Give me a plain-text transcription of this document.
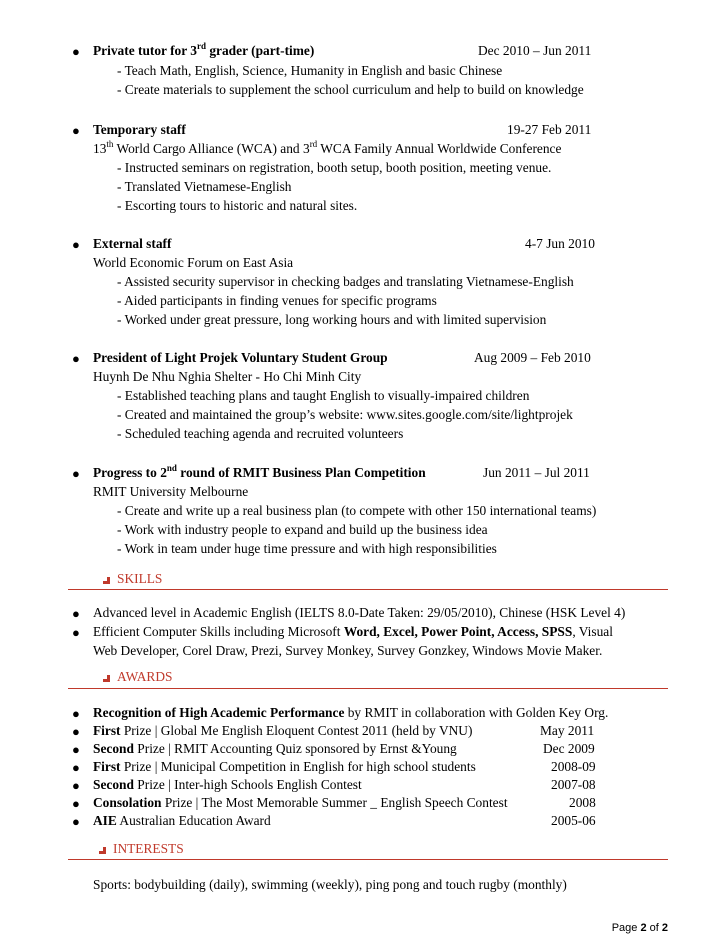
● Private tutor for 3rd grader (part-time)	Dec 2010 – Jun 2011
- Teach Math, English, Science, Humanity in English and basic Chinese
- Create materials to supplement the school curriculum and help to build on knowledge
● Temporary staff	19-27 Feb 2011
13th World Cargo Alliance (WCA) and 3rd WCA Family Annual Worldwide Conference
- Instructed seminars on registration, booth setup, booth position, meeting venue.
- Translated Vietnamese-English
- Escorting tours to historic and natural sites.
● External staff	4-7 Jun 2010
World Economic Forum on East Asia
- Assisted security supervisor in checking badges and translating Vietnamese-English
- Aided participants in finding venues for specific programs
- Worked under great pressure, long working hours and with limited supervision
● President of Light Projek Voluntary Student Group	Aug 2009 – Feb 2010
Huynh De Nhu Nghia Shelter - Ho Chi Minh City
- Established teaching plans and taught English to visually-impaired children
- Created and maintained the group’s website: www.sites.google.com/site/lightprojek
- Scheduled teaching agenda and recruited volunteers
● Progress to 2nd round of RMIT Business Plan Competition	Jun 2011 – Jul 2011
RMIT University Melbourne
- Create and write up a real business plan (to compete with other 150 international teams)
- Work with industry people to expand and build up the business idea
- Work in team under huge time pressure and with high responsibilities
SKILLS
● Advanced level in Academic English (IELTS 8.0-Date Taken: 29/05/2010), Chinese (HSK Level 4)
● Efficient Computer Skills including Microsoft Word, Excel, Power Point, Access, SPSS, Visual
Web Developer, Corel Draw, Prezi, Survey Monkey, Survey Gonzkey, Windows Movie Maker.
AWARDS
● Recognition of High Academic Performance by RMIT in collaboration with Golden Key Org.
● First Prize | Global Me English Eloquent Contest 2011 (held by VNU)	May 2011
● Second Prize | RMIT Accounting Quiz sponsored by Ernst &Young	Dec 2009
● First Prize | Municipal Competition in English for high school students	2008-09
● Second Prize | Inter-high Schools English Contest	2007-08
● Consolation Prize | The Most Memorable Summer _ English Speech Contest	2008
● AIE Australian Education Award	2005-06
INTERESTS
Sports: bodybuilding (daily), swimming (weekly), ping pong and touch rugby (monthly)
Page 2 of 2
